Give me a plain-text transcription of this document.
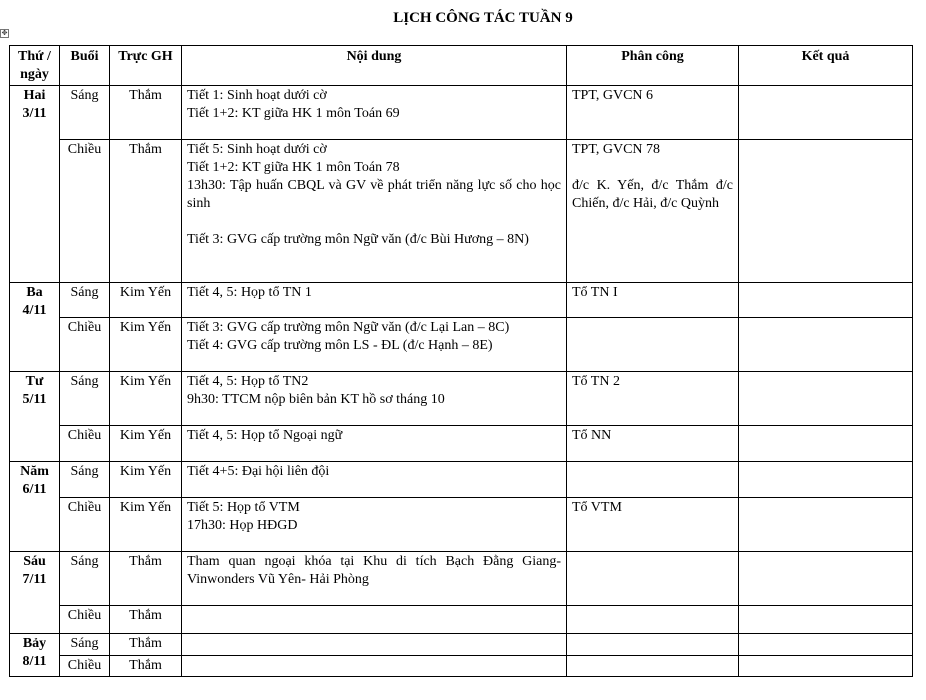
LỊCH CÔNG TÁC TUẦN 9
✥
Thứ / ngày	Buổi	Trực GH	Nội dung	Phân công	Kết quả

Hai
3/11	Sáng	Thắm	Tiết 1: Sinh hoạt dưới cờ
Tiết 1+2: KT giữa HK 1 môn Toán 69	TPT, GVCN 6	

	Chiều	Thắm	Tiết 5: Sinh hoạt dưới cờ
Tiết 1+2: KT giữa HK 1 môn Toán 78
13h30: Tập huấn CBQL và GV về phát triển năng lực số cho học sinh
Tiết 3: GVG cấp trường môn Ngữ văn (đ/c Bùi Hương – 8N)	TPT, GVCN 78
đ/c K. Yến, đ/c Thắm đ/c Chiến, đ/c Hải, đ/c Quỳnh	

Ba
4/11	Sáng	Kim Yến	Tiết 4, 5: Họp tổ TN 1	Tổ TN I	

	Chiều	Kim Yến	Tiết 3: GVG cấp trường môn Ngữ văn (đ/c Lại Lan – 8C)
Tiết 4: GVG cấp trường môn LS - ĐL (đ/c Hạnh – 8E)		

Tư
5/11	Sáng	Kim Yến	Tiết 4, 5: Họp tổ TN2
9h30: TTCM nộp biên bản KT hồ sơ tháng 10	Tổ TN 2	

	Chiều	Kim Yến	Tiết 4, 5: Họp tổ Ngoại ngữ	Tổ NN	

Năm
6/11	Sáng	Kim Yến	Tiết 4+5: Đại hội liên đội		

	Chiều	Kim Yến	Tiết 5: Họp tổ VTM
17h30: Họp HĐGD	Tổ VTM	

Sáu
7/11	Sáng	Thắm	Tham quan ngoại khóa tại Khu di tích Bạch Đằng Giang- Vinwonders Vũ Yên- Hải Phòng		

	Chiều	Thắm			

Bảy
8/11	Sáng	Thắm			
	Chiều	Thắm			
